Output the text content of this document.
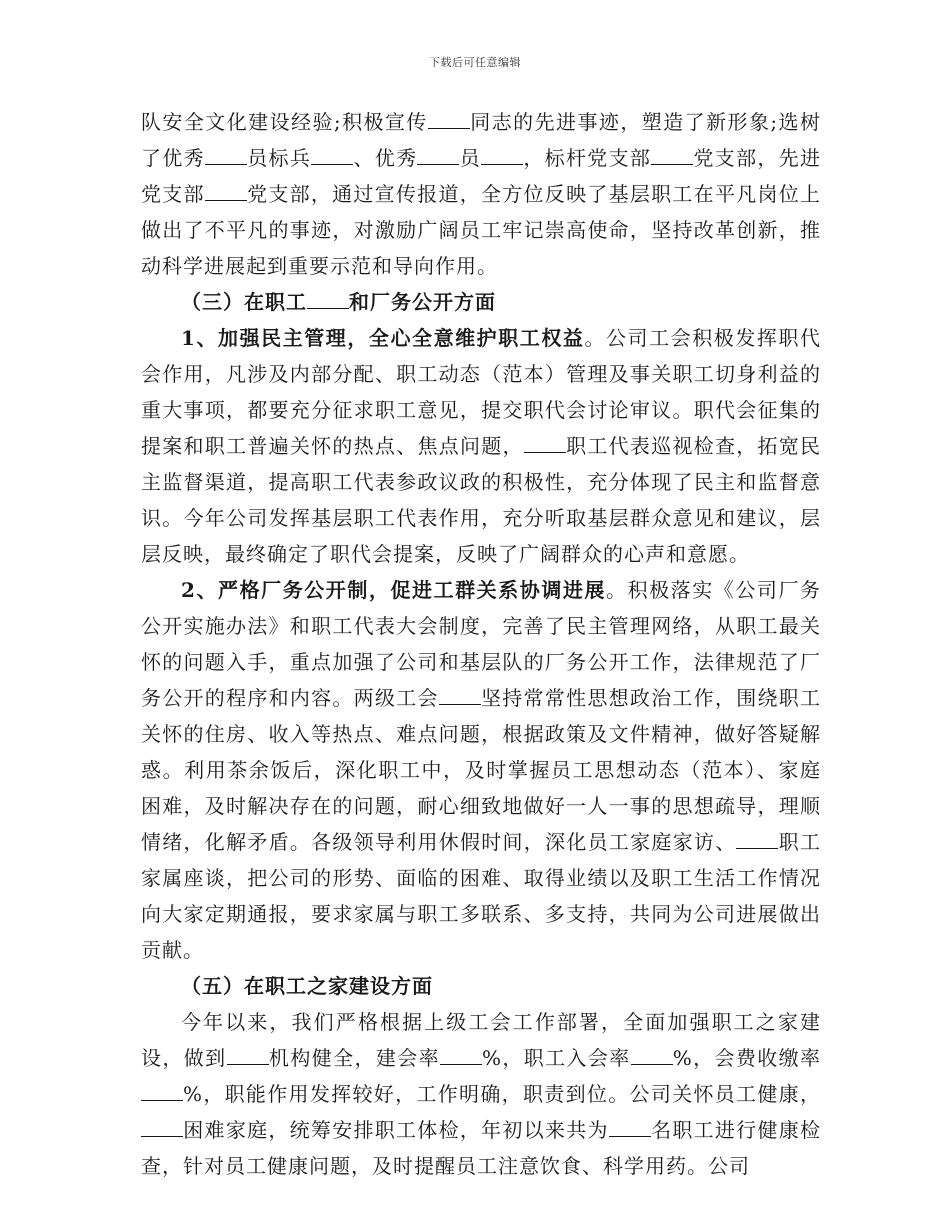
下载后可任意编辑

队安全文化建设经验;积极宣传 同志的先进事迹，塑造了新形象;选树了优秀 员标兵 、优秀 员 ，标杆党支部 党支部，先进党支部 党支部，通过宣传报道，全方位反映了基层职工在平凡岗位上做出了不平凡的事迹，对激励广阔员工牢记崇高使命，坚持改革创新，推动科学进展起到重要示范和导向作用。

（三）在职工 和厂务公开方面

1、加强民主管理，全心全意维护职工权益。公司工会积极发挥职代会作用，凡涉及内部分配、职工动态（范本）管理及事关职工切身利益的重大事项，都要充分征求职工意见，提交职代会讨论审议。职代会征集的提案和职工普遍关怀的热点、焦点问题， 职工代表巡视检查，拓宽民主监督渠道，提高职工代表参政议政的积极性，充分体现了民主和监督意识。今年公司发挥基层职工代表作用，充分听取基层群众意见和建议，层层反映，最终确定了职代会提案，反映了广阔群众的心声和意愿。

2、严格厂务公开制，促进工群关系协调进展。积极落实《公司厂务公开实施办法》和职工代表大会制度，完善了民主管理网络，从职工最关怀的问题入手，重点加强了公司和基层队的厂务公开工作，法律规范了厂务公开的程序和内容。两级工会 坚持常常性思想政治工作，围绕职工关怀的住房、收入等热点、难点问题，根据政策及文件精神，做好答疑解惑。利用茶余饭后，深化职工中，及时掌握员工思想动态（范本）、家庭困难，及时解决存在的问题，耐心细致地做好一人一事的思想疏导，理顺情绪，化解矛盾。各级领导利用休假时间，深化员工家庭家访、 职工家属座谈，把公司的形势、面临的困难、取得业绩以及职工生活工作情况向大家定期通报，要求家属与职工多联系、多支持，共同为公司进展做出贡献。

（五）在职工之家建设方面

今年以来，我们严格根据上级工会工作部署，全面加强职工之家建设，做到 机构健全，建会率 %，职工入会率 %，会费收缴率%，职能作用发挥较好，工作明确，职责到位。公司关怀员工健康，困难家庭，统筹安排职工体检，年初以来共为 名职工进行健康检查，针对员工健康问题，及时提醒员工注意饮食、科学用药。公司
